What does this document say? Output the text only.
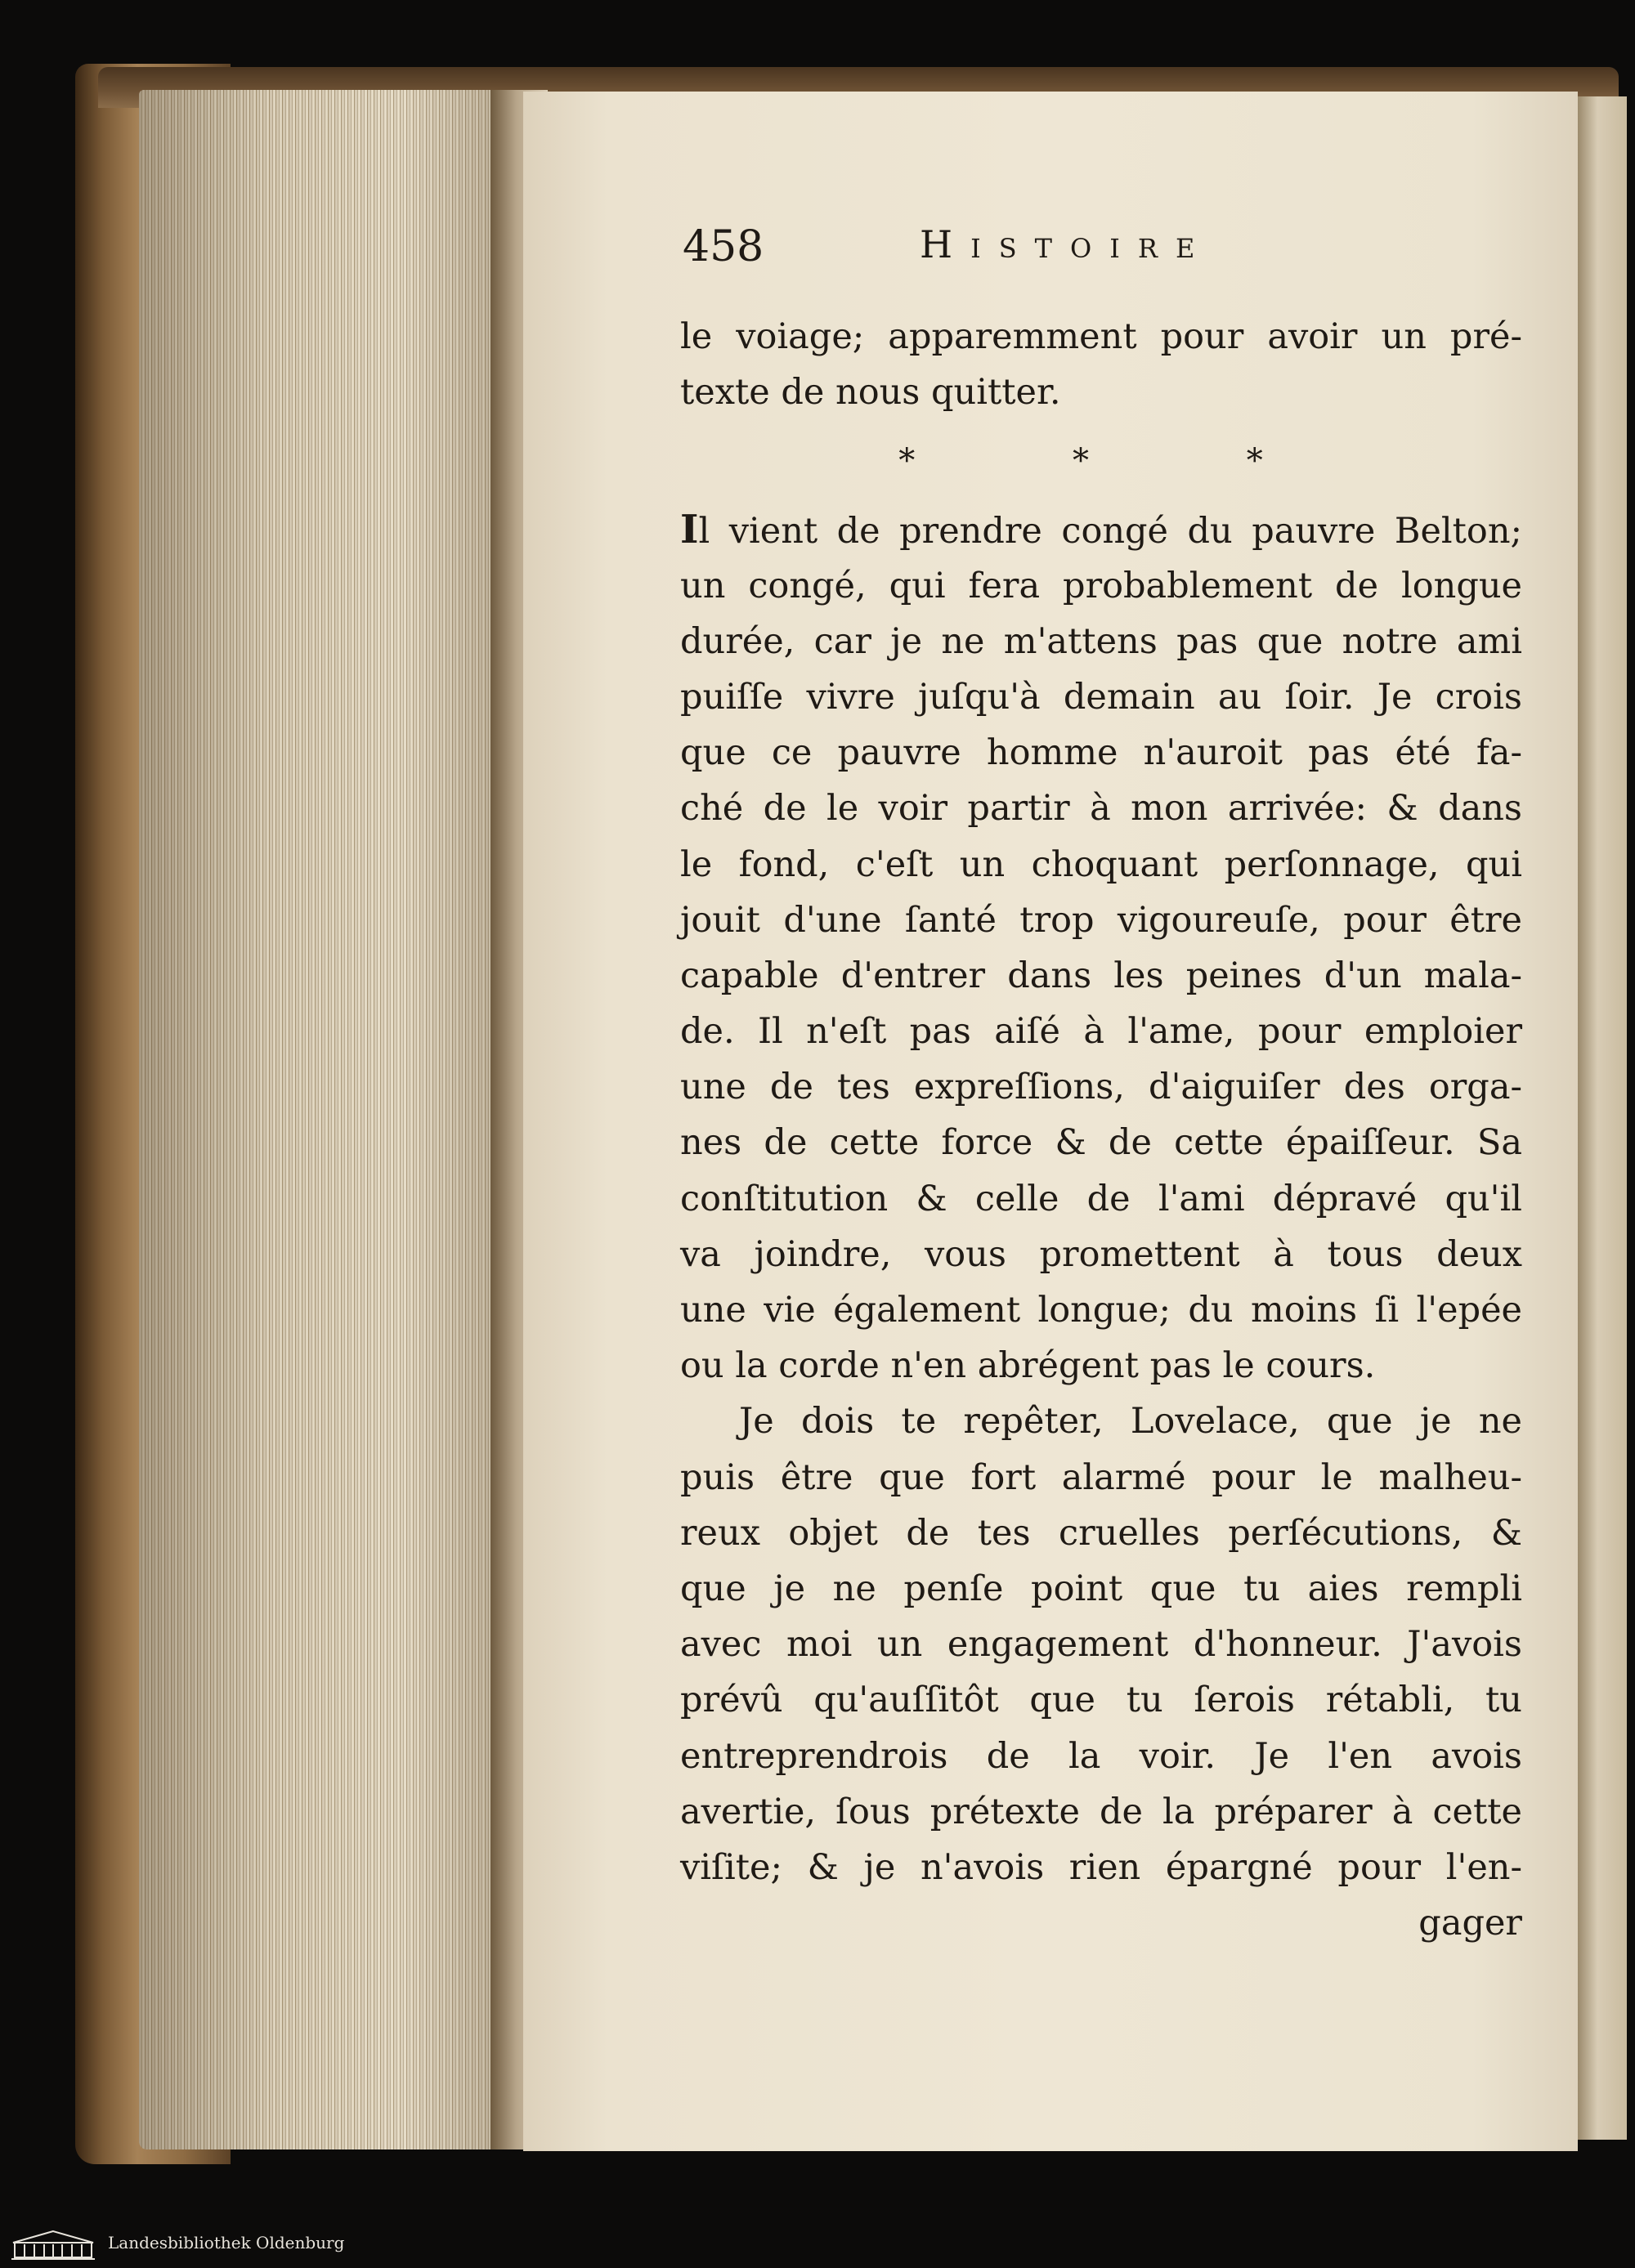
458	Histoire
le voiage; apparemment pour avoir un pré-
texte de nous quitter.
* * *
Il vient de prendre congé du pauvre Belton;
un congé, qui fera probablement de longue
durée, car je ne m'attens pas que notre ami
puiſſe vivre juſqu'à demain au ſoir. Je crois
que ce pauvre homme n'auroit pas été fa-
ché de le voir partir à mon arrivée: & dans
le fond, c'eſt un choquant perſonnage, qui
jouit d'une ſanté trop vigoureuſe, pour être
capable d'entrer dans les peines d'un mala-
de. Il n'eſt pas aiſé à l'ame, pour emploier
une de tes expreſſions, d'aiguiſer des orga-
nes de cette force & de cette épaiſſeur. Sa
conſtitution & celle de l'ami dépravé qu'il
va joindre, vous promettent à tous deux
une vie également longue; du moins ſi l'epée
ou la corde n'en abrégent pas le cours.
Je dois te repêter, Lovelace, que je ne
puis être que fort alarmé pour le malheu-
reux objet de tes cruelles perſécutions, &
que je ne penſe point que tu aies rempli
avec moi un engagement d'honneur. J'avois
prévû qu'auſſitôt que tu ſerois rétabli, tu
entreprendrois de la voir. Je l'en avois
avertie, ſous prétexte de la préparer à cette
viſite; & je n'avois rien épargné pour l'en-
gager
Landesbibliothek Oldenburg
